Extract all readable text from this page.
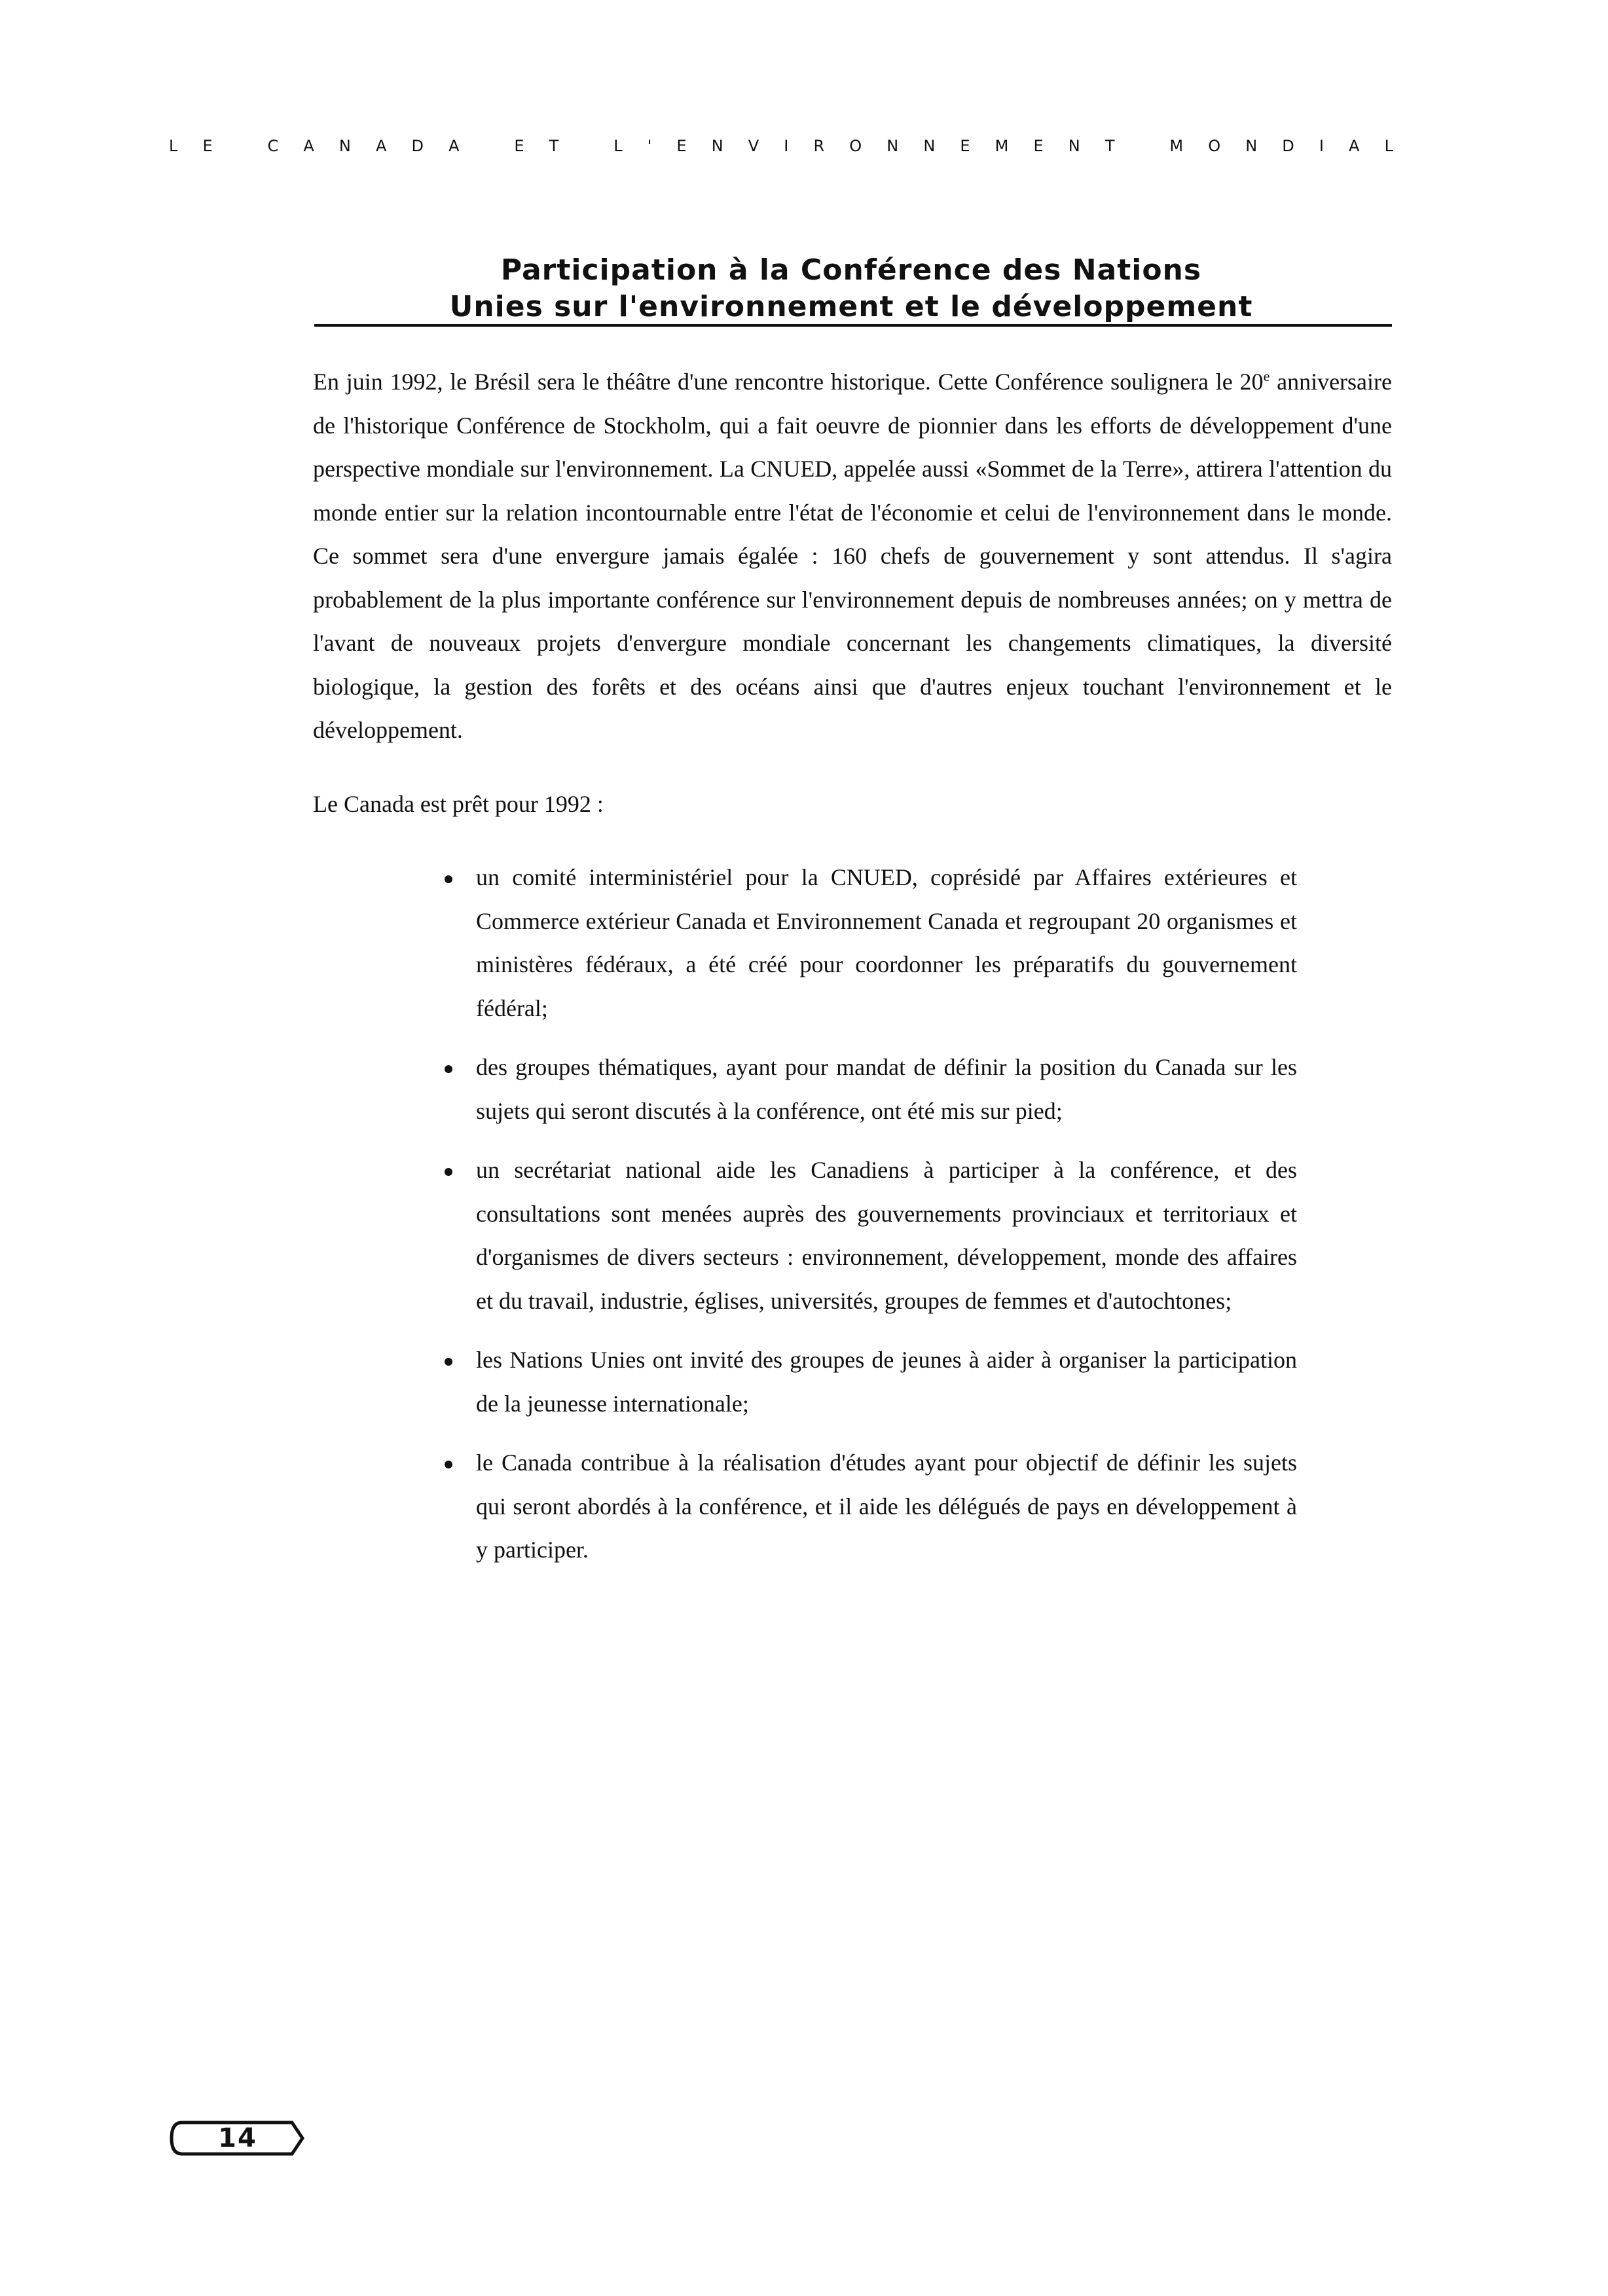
L E
	C A N A D A
	E T
	L ' E N V I R O N N E M E N T
	M O N D I A L
Participation à la Conférence des Nations
Unies sur l'environnement et le développement

En juin 1992, le Brésil sera le théâtre d'une rencontre historique. Cette Conférence soulignera le 20e anniversaire de l'historique Conférence de Stockholm, qui a fait oeuvre de pionnier dans les efforts de développement d'une perspective mondiale sur l'environnement. La CNUED, appelée aussi «Sommet de la Terre», attirera l'attention du monde entier sur la relation incontournable entre l'état de l'économie et celui de l'environnement dans le monde. Ce sommet sera d'une envergure jamais égalée : 160 chefs de gouvernement y sont attendus. Il s'agira probablement de la plus importante conférence sur l'environnement depuis de nombreuses années; on y mettra de l'avant de nouveaux projets d'envergure mondiale concernant les changements climatiques, la diversité biologique, la gestion des forêts et des océans ainsi que d'autres enjeux touchant l'environnement et le développement.

Le Canada est prêt pour 1992 :

un comité interministériel pour la CNUED, coprésidé par Affaires extérieures et Commerce extérieur Canada et Environnement Canada et regroupant 20 organismes et ministères fédéraux, a été créé pour coordonner les préparatifs du gouvernement fédéral;
des groupes thématiques, ayant pour mandat de définir la position du Canada sur les sujets qui seront discutés à la conférence, ont été mis sur pied;
un secrétariat national aide les Canadiens à participer à la conférence, et des consultations sont menées auprès des gouvernements provinciaux et territoriaux et d'organismes de divers secteurs : environnement, développement, monde des affaires et du travail, industrie, églises, universités, groupes de femmes et d'autochtones;
les Nations Unies ont invité des groupes de jeunes à aider à organiser la participation de la jeunesse internationale;
le Canada contribue à la réalisation d'études ayant pour objectif de définir les sujets qui seront abordés à la conférence, et il aide les délégués de pays en développement à y participer.
14
